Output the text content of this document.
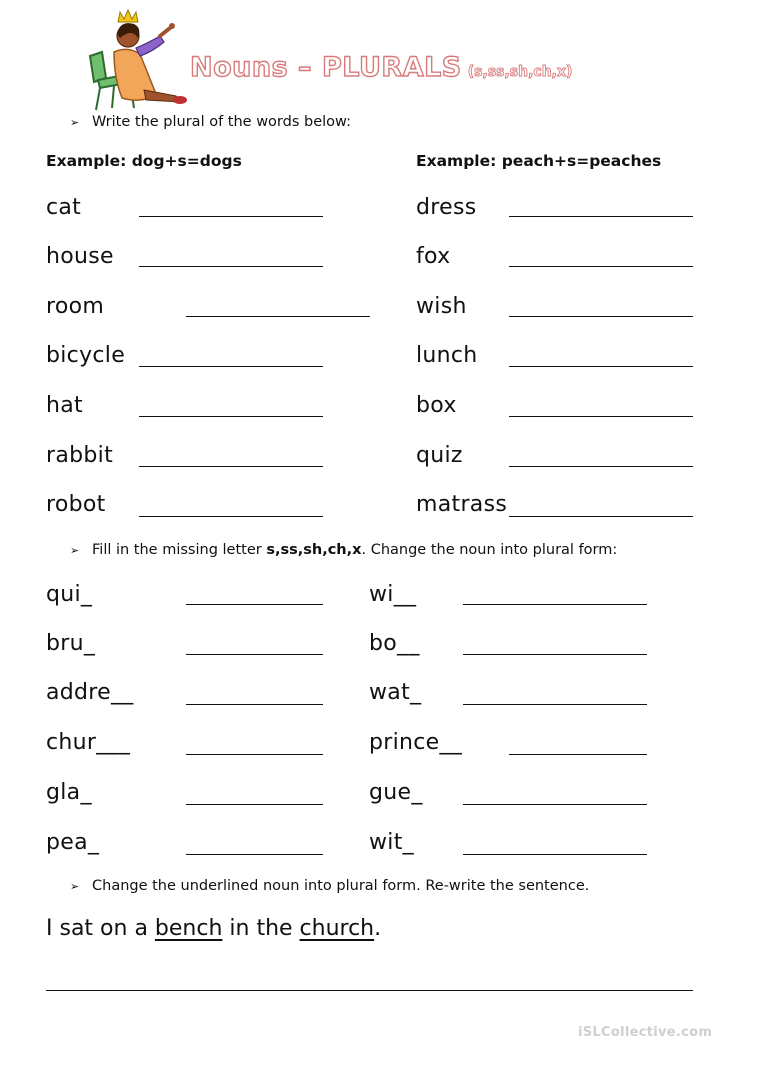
Nouns – PLURALS (s,ss,sh,ch,x)
➢ Write the plural of the words below:
Example: dog+s=dogs	Example: peach+s=peaches
cat
house
room
bicycle
hat
rabbit
robot
dress
fox
wish
lunch
box
quiz
matrass
➢ Fill in the missing letter s,ss,sh,ch,x. Change the noun into plural form:
qui_
bru_
addre__
chur___
gla_
pea_
wi__
bo__
wat_
prince__
gue_
wit_
➢ Change the underlined noun into plural form. Re-write the sentence.
I sat on a bench in the church.
iSLCollective.com
